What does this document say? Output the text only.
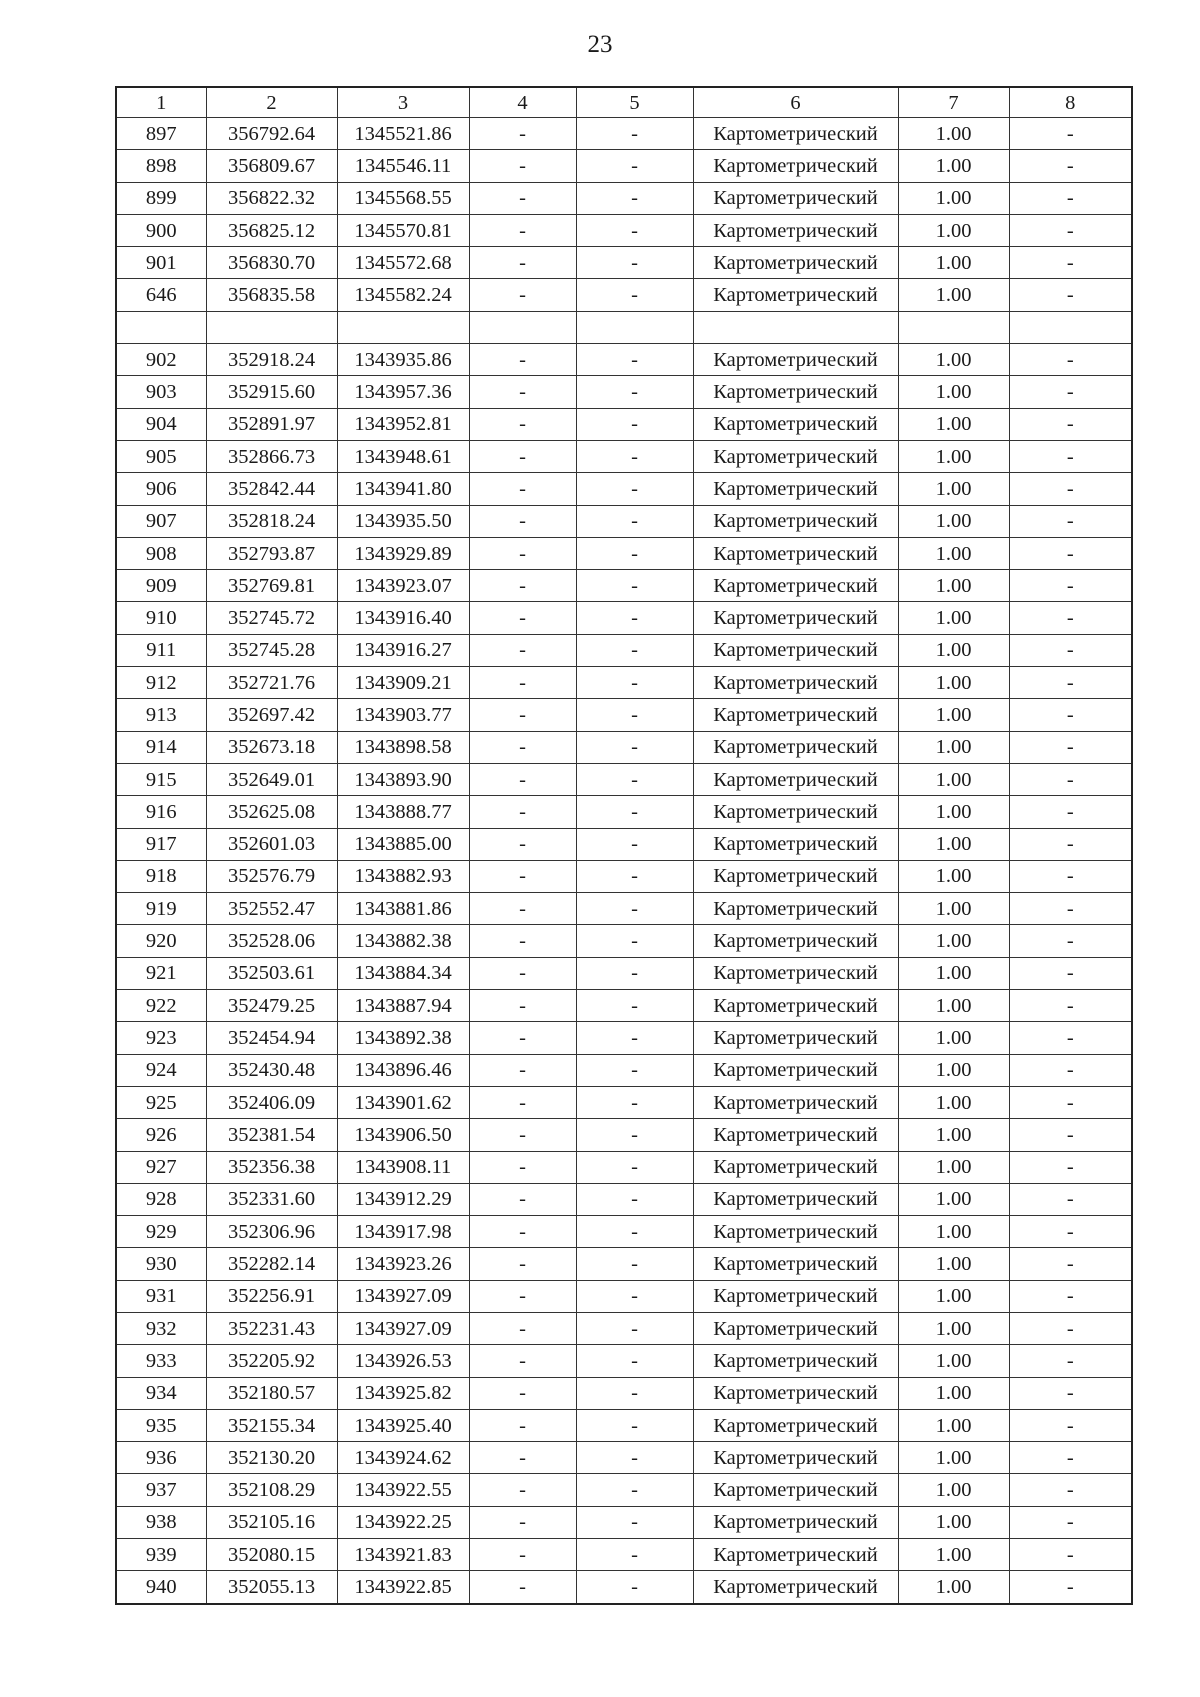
23
1	2	3	4	5	6	7	8
897	356792.64	1345521.86	-	-	Картометрический	1.00	-
898	356809.67	1345546.11	-	-	Картометрический	1.00	-
899	356822.32	1345568.55	-	-	Картометрический	1.00	-
900	356825.12	1345570.81	-	-	Картометрический	1.00	-
901	356830.70	1345572.68	-	-	Картометрический	1.00	-
646	356835.58	1345582.24	-	-	Картометрический	1.00	-

902	352918.24	1343935.86	-	-	Картометрический	1.00	-
903	352915.60	1343957.36	-	-	Картометрический	1.00	-
904	352891.97	1343952.81	-	-	Картометрический	1.00	-
905	352866.73	1343948.61	-	-	Картометрический	1.00	-
906	352842.44	1343941.80	-	-	Картометрический	1.00	-
907	352818.24	1343935.50	-	-	Картометрический	1.00	-
908	352793.87	1343929.89	-	-	Картометрический	1.00	-
909	352769.81	1343923.07	-	-	Картометрический	1.00	-
910	352745.72	1343916.40	-	-	Картометрический	1.00	-
911	352745.28	1343916.27	-	-	Картометрический	1.00	-
912	352721.76	1343909.21	-	-	Картометрический	1.00	-
913	352697.42	1343903.77	-	-	Картометрический	1.00	-
914	352673.18	1343898.58	-	-	Картометрический	1.00	-
915	352649.01	1343893.90	-	-	Картометрический	1.00	-
916	352625.08	1343888.77	-	-	Картометрический	1.00	-
917	352601.03	1343885.00	-	-	Картометрический	1.00	-
918	352576.79	1343882.93	-	-	Картометрический	1.00	-
919	352552.47	1343881.86	-	-	Картометрический	1.00	-
920	352528.06	1343882.38	-	-	Картометрический	1.00	-
921	352503.61	1343884.34	-	-	Картометрический	1.00	-
922	352479.25	1343887.94	-	-	Картометрический	1.00	-
923	352454.94	1343892.38	-	-	Картометрический	1.00	-
924	352430.48	1343896.46	-	-	Картометрический	1.00	-
925	352406.09	1343901.62	-	-	Картометрический	1.00	-
926	352381.54	1343906.50	-	-	Картометрический	1.00	-
927	352356.38	1343908.11	-	-	Картометрический	1.00	-
928	352331.60	1343912.29	-	-	Картометрический	1.00	-
929	352306.96	1343917.98	-	-	Картометрический	1.00	-
930	352282.14	1343923.26	-	-	Картометрический	1.00	-
931	352256.91	1343927.09	-	-	Картометрический	1.00	-
932	352231.43	1343927.09	-	-	Картометрический	1.00	-
933	352205.92	1343926.53	-	-	Картометрический	1.00	-
934	352180.57	1343925.82	-	-	Картометрический	1.00	-
935	352155.34	1343925.40	-	-	Картометрический	1.00	-
936	352130.20	1343924.62	-	-	Картометрический	1.00	-
937	352108.29	1343922.55	-	-	Картометрический	1.00	-
938	352105.16	1343922.25	-	-	Картометрический	1.00	-
939	352080.15	1343921.83	-	-	Картометрический	1.00	-
940	352055.13	1343922.85	-	-	Картометрический	1.00	-
